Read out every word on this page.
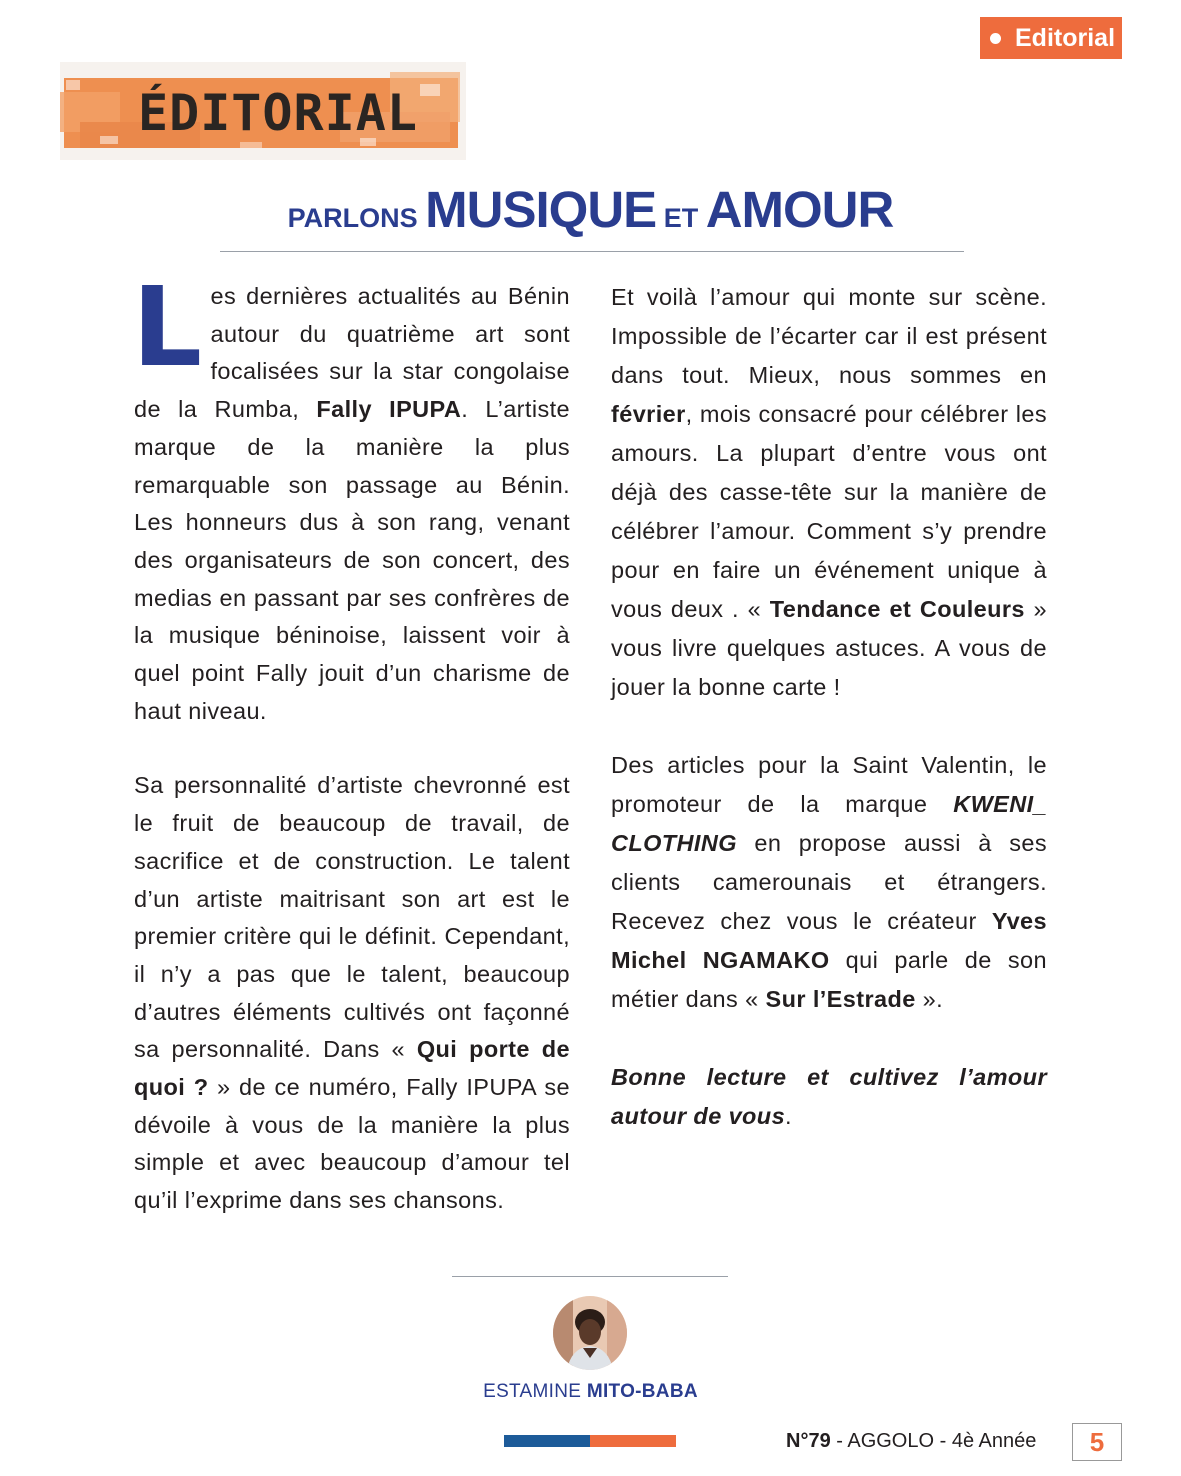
Editorial
ÉDITORIAL
PARLONS MUSIQUE ET AMOUR

Les dernières actualités au Bénin autour du quatrième art sont focalisées sur la star congolaise de la Rumba, Fally IPUPA. L’artiste marque de la manière la plus remarquable son passage au Bénin. Les honneurs dus à son rang, venant des organisateurs de son concert, des medias en passant par ses confrères de la musique béninoise, laissent voir à quel point Fally jouit d’un charisme de haut niveau.

Sa personnalité d’artiste chevronné est le fruit de beaucoup de travail, de sacrifice et de construction. Le talent d’un artiste maitrisant son art est le premier critère qui le définit. Cependant, il n’y a pas que le talent, beaucoup d’autres éléments cultivés ont façonné sa personnalité. Dans « Qui porte de quoi ? » de ce numéro, Fally IPUPA se dévoile à vous de la manière la plus simple et avec beaucoup d’amour tel qu’il l’exprime dans ses chansons.

Et voilà l’amour qui monte sur scène. Impossible de l’écarter car il est présent dans tout. Mieux, nous sommes en février, mois consacré pour célébrer les amours. La plupart d’entre vous ont déjà des casse-tête sur la manière de célébrer l’amour. Comment s’y prendre pour en faire un événement unique à vous deux . « Tendance et Couleurs » vous livre quelques astuces. A vous de jouer la bonne carte !

Des articles pour la Saint Valentin, le promoteur de la marque KWENI_ CLOTHING en propose aussi à ses clients camerounais et étrangers. Recevez chez vous le créateur Yves Michel NGAMAKO qui parle de son métier dans « Sur l’Estrade ».

Bonne lecture et cultivez l’amour autour de vous.

ESTAMINE MITO-BABA
N°79 - AGGOLO - 4è Année	5
